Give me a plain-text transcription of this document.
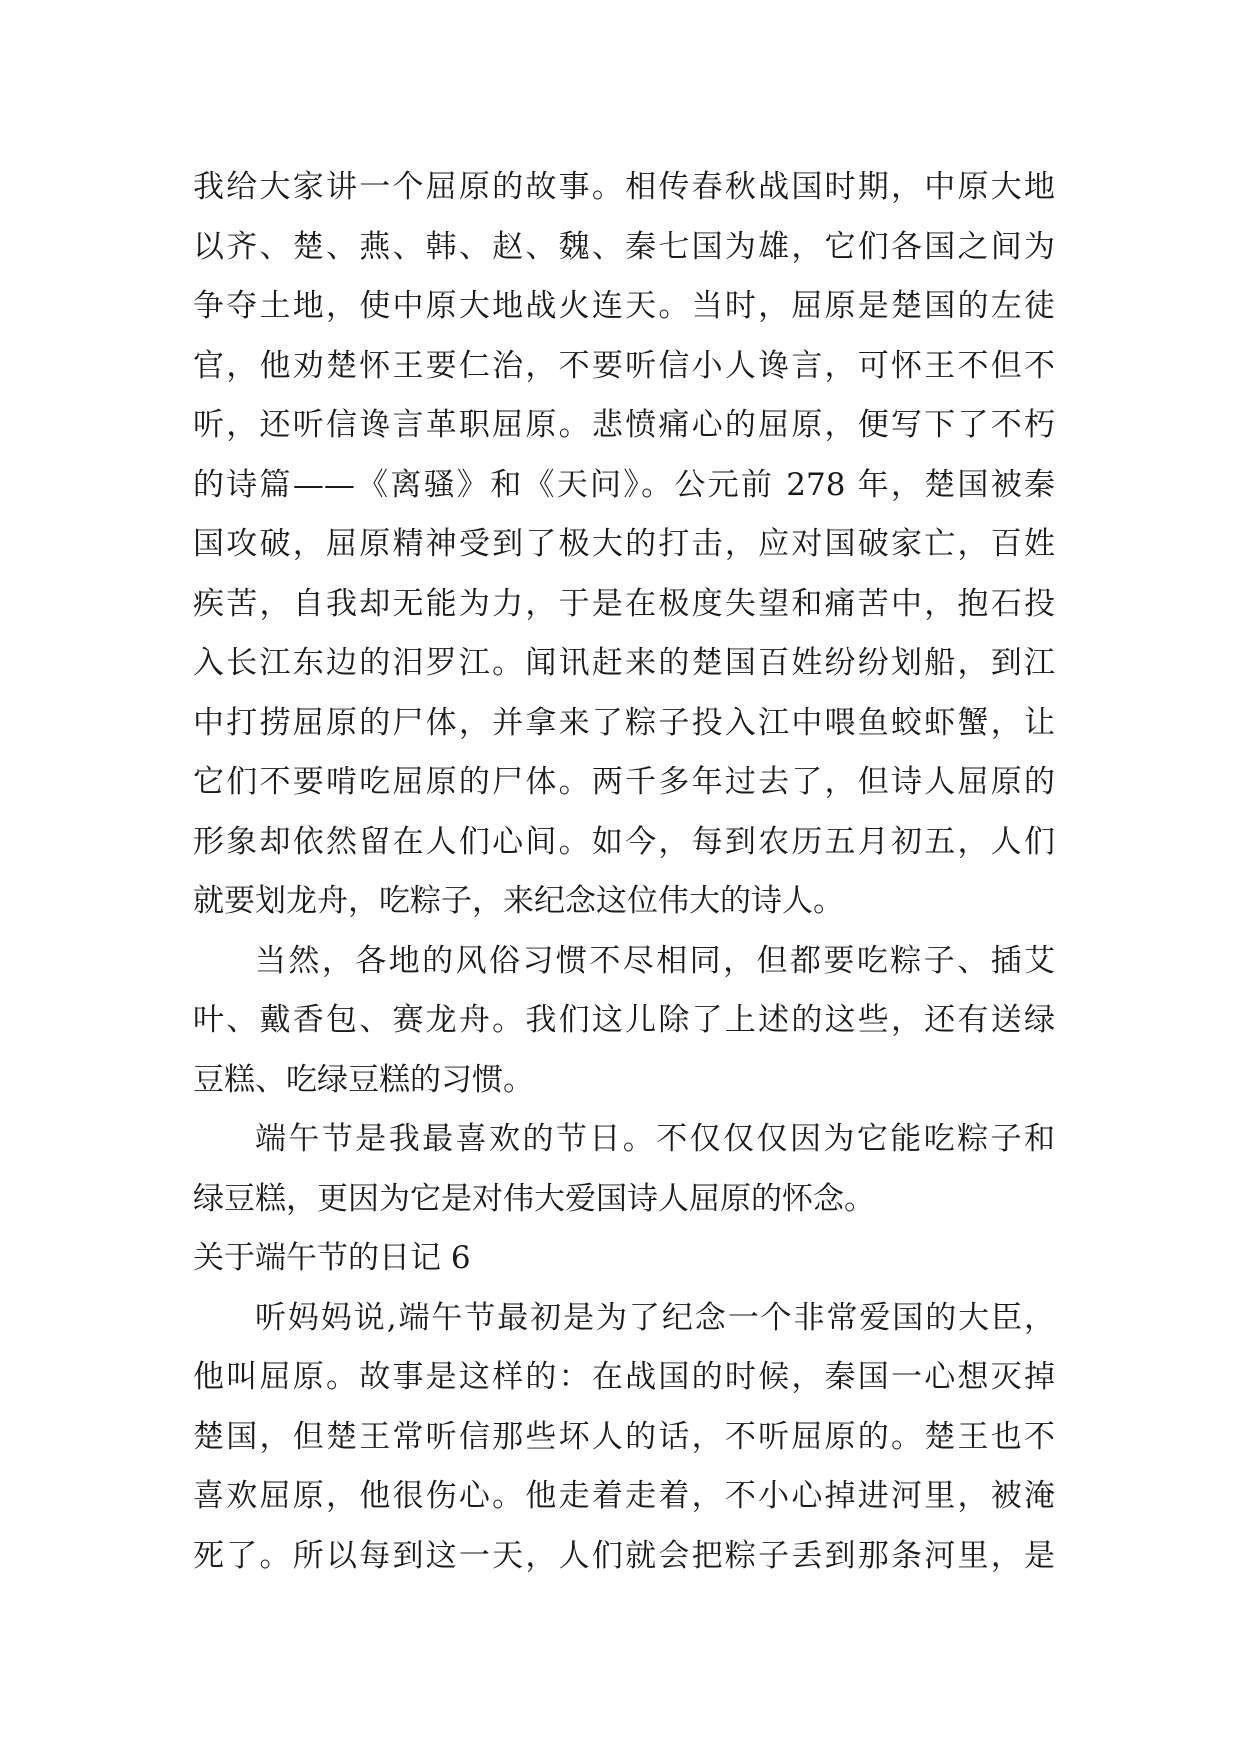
我给大家讲一个屈原的故事。相传春秋战国时期，中原大地
以齐、楚、燕、韩、赵、魏、秦七国为雄，它们各国之间为
争夺土地，使中原大地战火连天。当时，屈原是楚国的左徒
官，他劝楚怀王要仁治，不要听信小人谗言，可怀王不但不
听，还听信谗言革职屈原。悲愤痛心的屈原，便写下了不朽
的诗篇——《离骚》和《天问》。公元前 278 年，楚国被秦
国攻破，屈原精神受到了极大的打击，应对国破家亡，百姓
疾苦，自我却无能为力，于是在极度失望和痛苦中，抱石投
入长江东边的汨罗江。闻讯赶来的楚国百姓纷纷划船，到江
中打捞屈原的尸体，并拿来了粽子投入江中喂鱼蛟虾蟹，让
它们不要啃吃屈原的尸体。两千多年过去了，但诗人屈原的
形象却依然留在人们心间。如今，每到农历五月初五，人们
就要划龙舟，吃粽子，来纪念这位伟大的诗人。
当然，各地的风俗习惯不尽相同，但都要吃粽子、插艾
叶、戴香包、赛龙舟。我们这儿除了上述的这些，还有送绿
豆糕、吃绿豆糕的习惯。
端午节是我最喜欢的节日。不仅仅仅因为它能吃粽子和
绿豆糕，更因为它是对伟大爱国诗人屈原的怀念。
关于端午节的日记 6
听妈妈说,端午节最初是为了纪念一个非常爱国的大臣，
他叫屈原。故事是这样的：在战国的时候，秦国一心想灭掉
楚国，但楚王常听信那些坏人的话，不听屈原的。楚王也不
喜欢屈原，他很伤心。他走着走着，不小心掉进河里，被淹
死了。所以每到这一天，人们就会把粽子丢到那条河里，是
